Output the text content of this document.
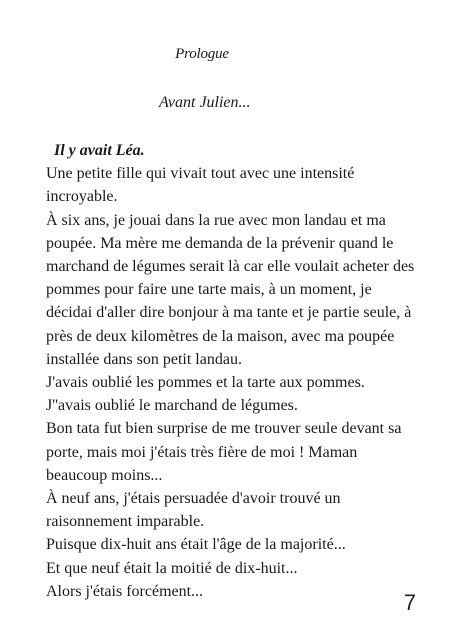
Prologue
Avant Julien...

Il y avait Léa.

Une petite fille qui vivait tout avec une intensité incroyable.

À six ans, je jouai dans la rue avec mon landau et ma poupée. Ma mère me demanda de la prévenir quand le marchand de légumes serait là car elle voulait acheter des pommes pour faire une tarte mais, à un moment, je décidai d'aller dire bonjour à ma tante et je partie seule, à près de deux kilomètres de la maison, avec ma poupée installée dans son petit landau.

J'avais oublié les pommes et la tarte aux pommes.

J''avais oublié le marchand de légumes.

Bon tata fut bien surprise de me trouver seule devant sa porte, mais moi j'étais très fière de moi ! Maman beaucoup moins...

À neuf ans, j'étais persuadée d'avoir trouvé un raisonnement imparable.

Puisque dix-huit ans était l'âge de la majorité...

Et que neuf était la moitié de dix-huit...

Alors j'étais forcément...	7
